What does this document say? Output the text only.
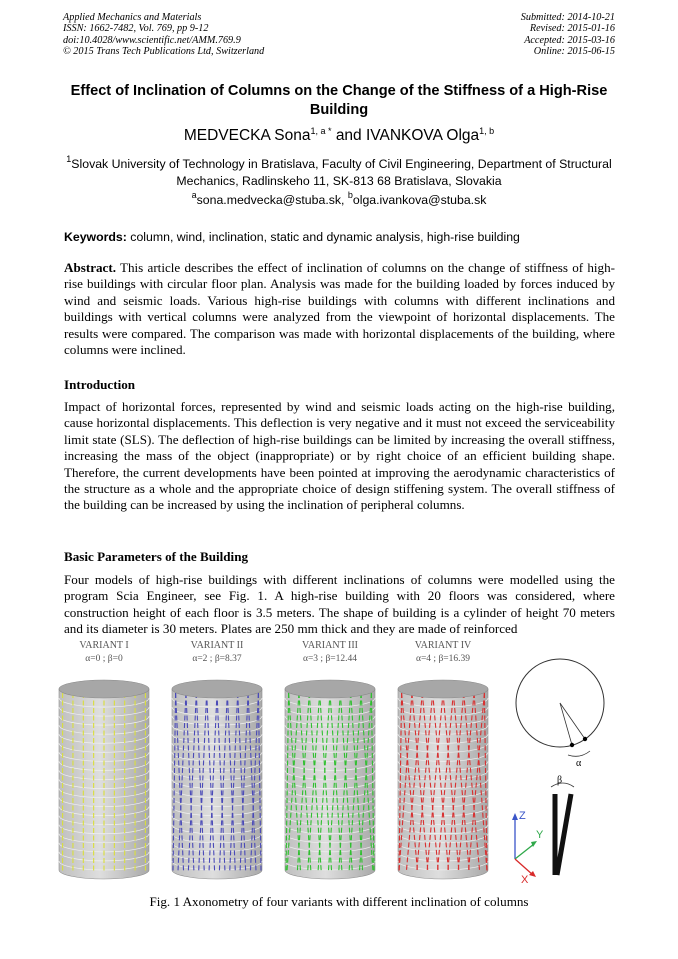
Applied Mechanics and Materials
ISSN: 1662-7482, Vol. 769, pp 9-12
doi:10.4028/www.scientific.net/AMM.769.9
© 2015 Trans Tech Publications Ltd, Switzerland
Submitted: 2014-10-21
Revised: 2015-01-16
Accepted: 2015-03-16
Online: 2015-06-15
Effect of Inclination of Columns on the Change of the Stiffness of a High-Rise Building
MEDVECKA Sona$^{1, a *}$ and IVANKOVA Olga$^{1, b}$
$^1$Slovak University of Technology in Bratislava, Faculty of Civil Engineering, Department of Structural Mechanics, Radlinskeho 11, SK-813 68 Bratislava, Slovakia
$^a$sona.medvecka@stuba.sk, $^b$olga.ivankova@stuba.sk
Keywords: column, wind, inclination, static and dynamic analysis, high-rise building
Abstract. This article describes the effect of inclination of columns on the change of stiffness of high-rise buildings with circular floor plan. Analysis was made for the building loaded by forces induced by wind and seismic loads. Various high-rise buildings with columns with different inclinations and buildings with vertical columns were analyzed from the viewpoint of horizontal displacements. The results were compared. The comparison was made with horizontal displacements of the building, where columns were inclined.
Introduction
Impact of horizontal forces, represented by wind and seismic loads acting on the high-rise building, cause horizontal displacements. This deflection is very negative and it must not exceed the serviceability limit state (SLS). The deflection of high-rise buildings can be limited by increasing the overall stiffness, increasing the mass of the object (inappropriate) or by right choice of an efficient building shape. Therefore, the current developments have been pointed at improving the aerodynamic characteristics of the structure as a whole and the appropriate choice of design stiffening system. The overall stiffness of the building can be increased by using the inclination of peripheral columns.
Basic Parameters of the Building
Four models of high-rise buildings with different inclinations of columns were modelled using the program Scia Engineer, see Fig. 1. A high-rise building with 20 floors was considered, where construction height of each floor is 3.5 meters. The shape of building is a cylinder of height 70 meters and its diameter is 30 meters. Plates are 250 mm thick and they are made of reinforced
VARIANT I
α=0 ; β=0
VARIANT II
α=2 ; β=8.37
VARIANT III
α=3 ; β=12.44
VARIANT IV
α=4 ; β=16.39
α
β
Z
Y
X
Fig. 1 Axonometry of four variants with different inclination of columns
